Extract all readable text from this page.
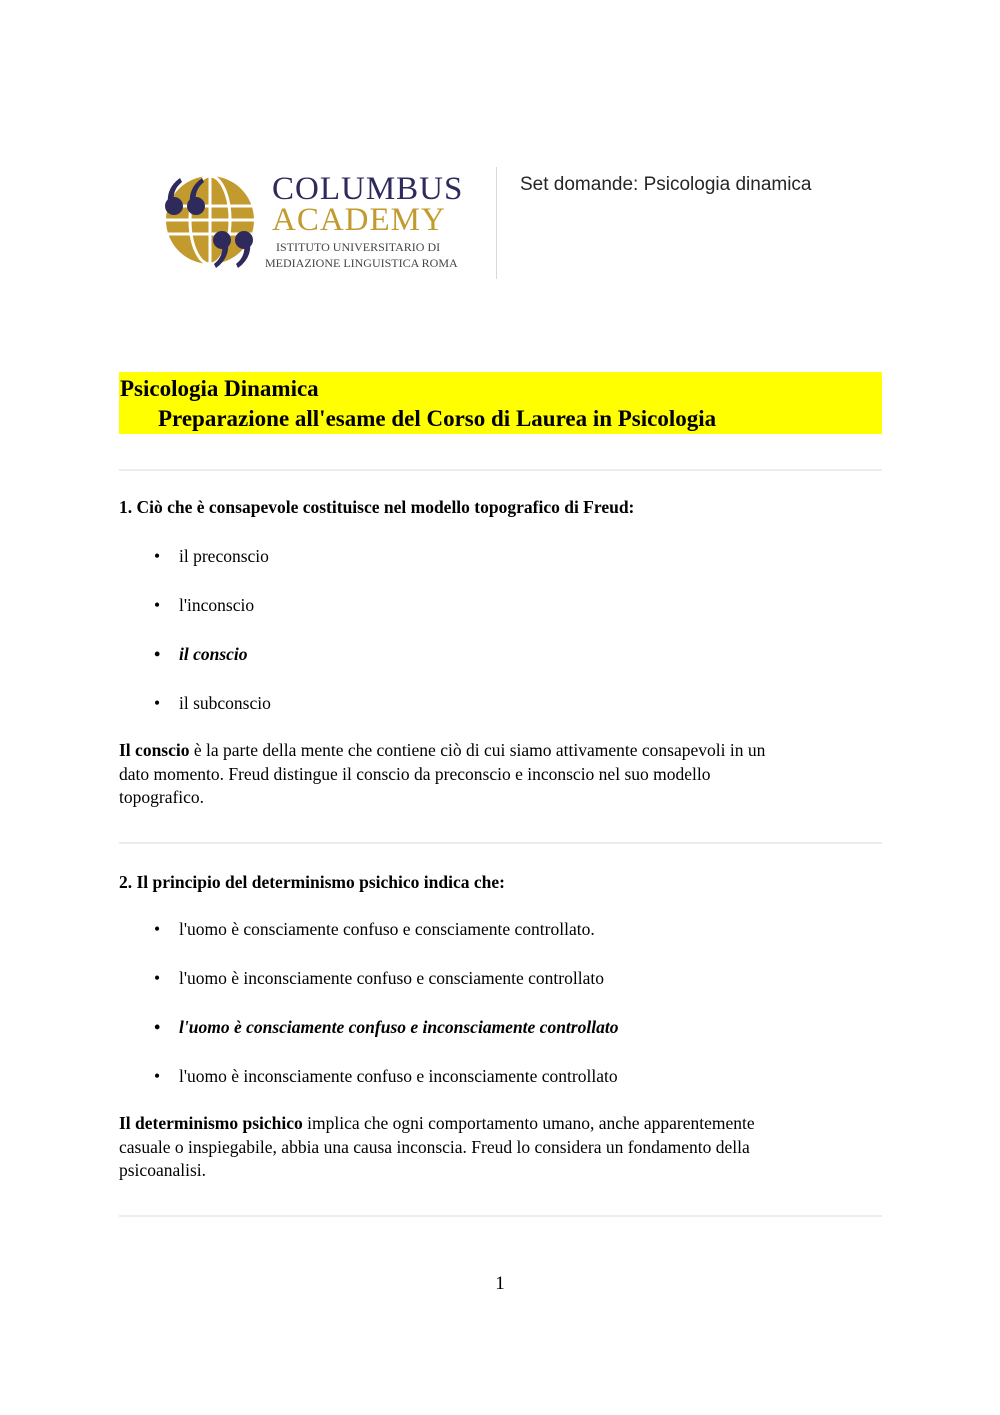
COLUMBUS
ACADEMY
ISTITUTO UNIVERSITARIO DI
MEDIAZIONE LINGUISTICA ROMA
Set domande: Psicologia dinamica
Psicologia Dinamica
Preparazione all'esame del Corso di Laurea in Psicologia
1. Ciò che è consapevole costituisce nel modello topografico di Freud:
• il preconscio
• l'inconscio
• il conscio
• il subconscio
Il conscio è la parte della mente che contiene ciò di cui siamo attivamente consapevoli in un
dato momento. Freud distingue il conscio da preconscio e inconscio nel suo modello
topografico.
2. Il principio del determinismo psichico indica che:
• l'uomo è consciamente confuso e consciamente controllato.
• l'uomo è inconsciamente confuso e consciamente controllato
• l'uomo è consciamente confuso e inconsciamente controllato
• l'uomo è inconsciamente confuso e inconsciamente controllato
Il determinismo psichico implica che ogni comportamento umano, anche apparentemente
casuale o inspiegabile, abbia una causa inconscia. Freud lo considera un fondamento della
psicoanalisi.
1
